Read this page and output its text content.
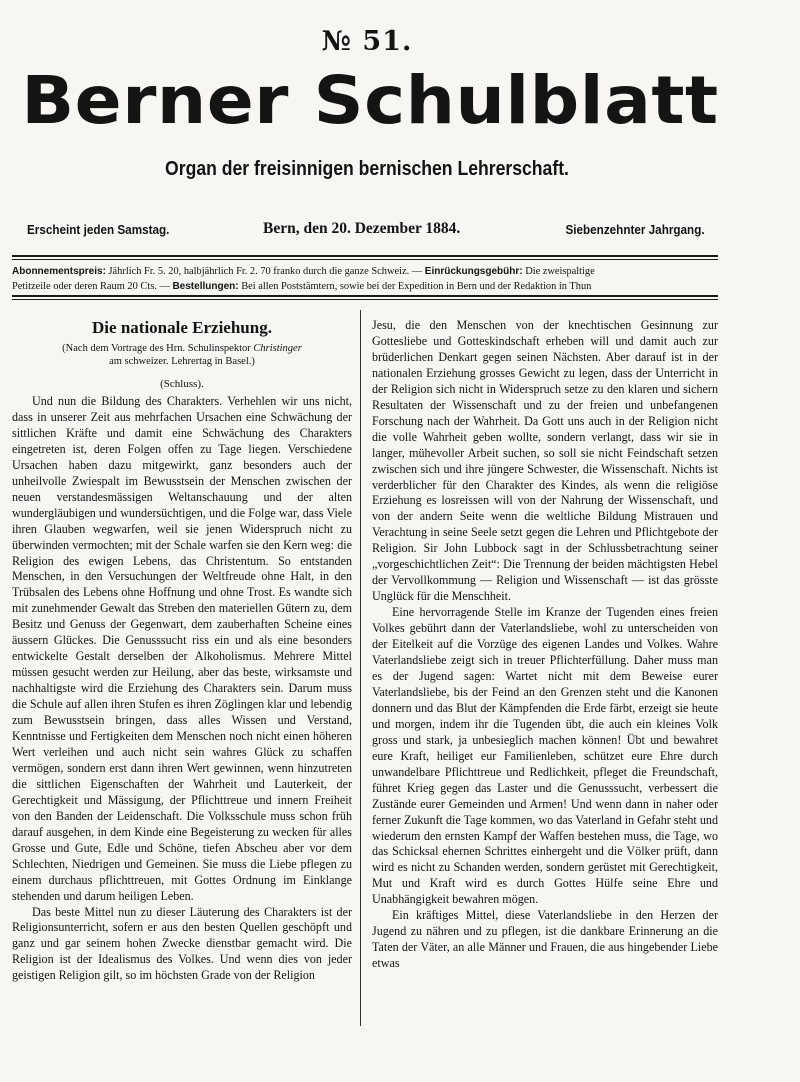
№ 51.
Berner Schulblatt
Organ der freisinnigen bernischen Lehrerschaft.
Erscheint jeden Samstag.	Bern, den 20. Dezember 1884.	Siebenzehnter Jahrgang.
Abonnementspreis: Jährlich Fr. 5. 20, halbjährlich Fr. 2. 70 franko durch die ganze Schweiz. — Einrückungsgebühr: Die zweispaltige
Petitzeile oder deren Raum 20 Cts. — Bestellungen: Bei allen Poststämtern, sowie bei der Expedition in Bern und der Redaktion in Thun
Die nationale Erziehung.

(Nach dem Vortrage des Hrn. Schulinspektor Christinger
am schweizer. Lehrertag in Basel.)

(Schluss).

Und nun die Bildung des Charakters. Verhehlen wir uns nicht, dass in unserer Zeit aus mehrfachen Ursachen eine Schwächung der sittlichen Kräfte und damit eine Schwächung des Charakters eingetreten ist, deren Folgen offen zu Tage liegen. Verschiedene Ursachen haben dazu mitgewirkt, ganz besonders auch der unheilvolle Zwiespalt im Bewusstsein der Menschen zwischen der neuen verstandesmässigen Weltanschauung und der alten wundergläubigen und wundersüchtigen, und die Folge war, dass Viele ihren Glauben wegwarfen, weil sie jenen Widerspruch nicht zu überwinden vermochten; mit der Schale warfen sie den Kern weg: die Religion des ewigen Lebens, das Christentum. So entstanden Menschen, in den Versuchungen der Weltfreude ohne Halt, in den Trübsalen des Lebens ohne Hoffnung und ohne Trost. Es wandte sich mit zunehmender Gewalt das Streben den materiellen Gütern zu, dem Besitz und Genuss der Gegenwart, dem zauberhaften Scheine eines äussern Glückes. Die Genusssucht riss ein und als eine besonders entwickelte Gestalt derselben der Alkoholismus. Mehrere Mittel müssen gesucht werden zur Heilung, aber das beste, wirksamste und nachhaltigste wird die Erziehung des Charakters sein. Darum muss die Schule auf allen ihren Stufen es ihren Zöglingen klar und lebendig zum Bewusstsein bringen, dass alles Wissen und Verstand, Kenntnisse und Fertigkeiten dem Menschen noch nicht einen höheren Wert verleihen und auch nicht sein wahres Glück zu schaffen vermögen, sondern erst dann ihren Wert gewinnen, wenn hinzutreten die sittlichen Eigenschaften der Wahrheit und Lauterkeit, der Gerechtigkeit und Mässigung, der Pflichttreue und innern Freiheit von den Banden der Leidenschaft. Die Volksschule muss schon früh darauf ausgehen, in dem Kinde eine Begeisterung zu wecken für alles Grosse und Gute, Edle und Schöne, tiefen Abscheu aber vor dem Schlechten, Niedrigen und Gemeinen. Sie muss die Liebe pflegen zu einem durchaus pflichttreuen, mit Gottes Ordnung im Einklange stehenden und darum heiligen Leben.

Das beste Mittel nun zu dieser Läuterung des Charakters ist der Religionsunterricht, sofern er aus den besten Quellen geschöpft und ganz und gar seinem hohen Zwecke dienstbar gemacht wird. Die Religion ist der Idealismus des Volkes. Und wenn dies von jeder geistigen Religion gilt, so im höchsten Grade von der Religion

Jesu, die den Menschen von der knechtischen Gesinnung zur Gottesliebe und Gotteskindschaft erheben will und damit auch zur brüderlichen Denkart gegen seinen Nächsten. Aber darauf ist in der nationalen Erziehung grosses Gewicht zu legen, dass der Unterricht in der Religion sich nicht in Widerspruch setze zu den klaren und sichern Resultaten der Wissenschaft und zu der freien und unbefangenen Forschung nach der Wahrheit. Da Gott uns auch in der Religion nicht die volle Wahrheit geben wollte, sondern verlangt, dass wir sie in langer, mühevoller Arbeit suchen, so soll sie nicht Feindschaft setzen zwischen sich und ihre jüngere Schwester, die Wissenschaft. Nichts ist verderblicher für den Charakter des Kindes, als wenn die religiöse Erziehung es losreissen will von der Nahrung der Wissenschaft, und von der andern Seite wenn die weltliche Bildung Mistrauen und Verachtung in seine Seele setzt gegen die Lehren und Pflichtgebote der Religion. Sir John Lubbock sagt in der Schlussbetrachtung seiner „vorgeschichtlichen Zeit“: Die Trennung der beiden mächtigsten Hebel der Vervollkommung — Religion und Wissenschaft — ist das grösste Unglück für die Menschheit.

Eine hervorragende Stelle im Kranze der Tugenden eines freien Volkes gebührt dann der Vaterlandsliebe, wohl zu unterscheiden von der Eitelkeit auf die Vorzüge des eigenen Landes und Volkes. Wahre Vaterlandsliebe zeigt sich in treuer Pflichterfüllung. Daher muss man es der Jugend sagen: Wartet nicht mit dem Beweise eurer Vaterlandsliebe, bis der Feind an den Grenzen steht und die Kanonen donnern und das Blut der Kämpfenden die Erde färbt, erzeigt sie heute und morgen, indem ihr die Tugenden übt, die auch ein kleines Volk gross und stark, ja unbesieglich machen können! Übt und bewahret eure Kraft, heiliget eur Familienleben, schützet eure Ehre durch unwandelbare Pflichttreue und Redlichkeit, pfleget die Freundschaft, führet Krieg gegen das Laster und die Genusssucht, verbessert die Zustände eurer Gemeinden und Armen! Und wenn dann in naher oder ferner Zukunft die Tage kommen, wo das Vaterland in Gefahr steht und wiederum den ernsten Kampf der Waffen bestehen muss, die Tage, wo das Schicksal ehernen Schrittes einhergeht und die Völker prüft, dann wird es nicht zu Schanden werden, sondern gerüstet mit Gerechtigkeit, Mut und Kraft wird es durch Gottes Hülfe seine Ehre und Unabhängigkeit bewahren mögen.

Ein kräftiges Mittel, diese Vaterlandsliebe in den Herzen der Jugend zu nähren und zu pflegen, ist die dankbare Erinnerung an die Taten der Väter, an alle Männer und Frauen, die aus hingebender Liebe etwas
